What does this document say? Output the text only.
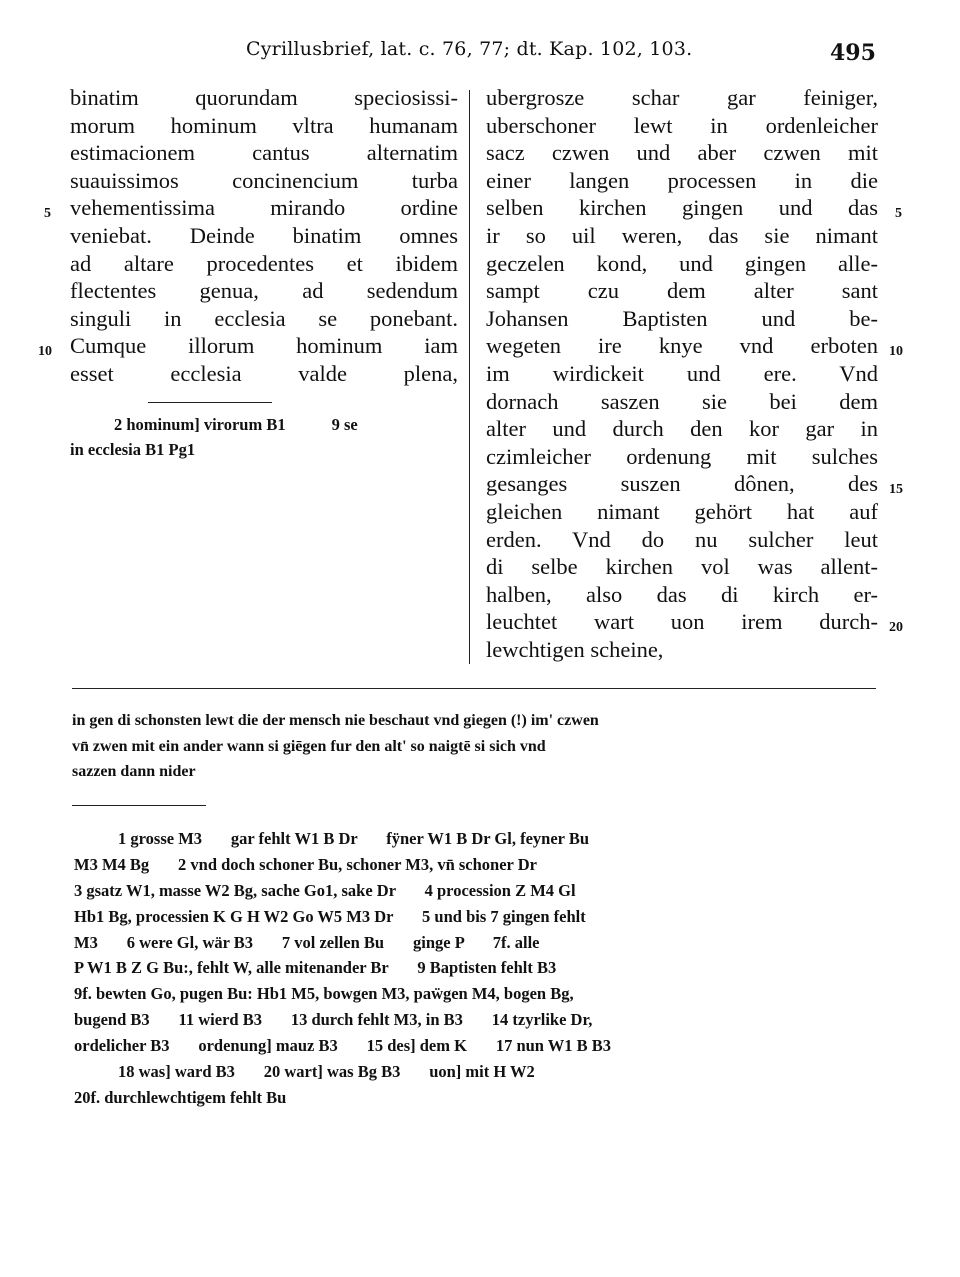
Cyrillusbrief, lat. c. 76, 77; dt. Kap. 102, 103.	495
binatim quorundam speciosissi-
morum hominum vltra humanam
estimacionem cantus alternatim
suauissimos concinencium turba
vehementissima mirando ordine
veniebat. Deinde binatim omnes
ad altare procedentes et ibidem
flectentes genua, ad sedendum
singuli in ecclesia se ponebant.
Cumque illorum hominum iam
esset ecclesia valde plena,
5
10
2 hominum] virorum B1	9 se
in ecclesia B1 Pg1
ubergrosze schar gar feiniger,
uberschoner lewt in ordenleicher
sacz czwen und aber czwen mit
einer langen processen in die
selben kirchen gingen und das
ir so uil weren, das sie nimant
geczelen kond, und gingen alle-
sampt czu dem alter sant
Johansen Baptisten und be-
wegeten ire knye vnd erboten
im wirdickeit und ere. Vnd
dornach saszen sie bei dem
alter und durch den kor gar in
czimleicher ordenung mit sulches
gesanges suszen dônen, des
gleichen nimant gehört hat auf
erden. Vnd do nu sulcher leut
di selbe kirchen vol was allent-
halben, also das di kirch er-
leuchtet wart uon irem durch-
lewchtigen scheine,
5
10
15
20
in gen di schonsten lewt die der mensch nie beschaut vnd giegen (!) im' czwen
vn̄ zwen mit ein ander wann si giēgen fur den alt' so naigtē si sich vnd
sazzen dann nider
1 grosse M3       gar fehlt W1 B Dr       fÿner W1 B Dr Gl, feyner Bu
M3 M4 Bg       2 vnd doch schoner Bu, schoner M3, vn̄ schoner Dr
3 gsatz W1, masse W2 Bg, sache Go1, sake Dr       4 procession Z M4 Gl
Hb1 Bg, processien K G H W2 Go W5 M3 Dr       5 und bis 7 gingen fehlt
M3       6 were Gl, wär B3       7 vol zellen Bu       ginge P       7f. alle
P W1 B Z G Bu:, fehlt W, alle mitenander Br       9 Baptisten fehlt B3
9f. bewten Go, pugen Bu: Hb1 M5, bowgen M3, paẅgen M4, bogen Bg,
bugend B3       11 wierd B3       13 durch fehlt M3, in B3       14 tzyrlike Dr,
ordelicher B3       ordenung] mauz B3       15 des] dem K       17 nun W1 B B3
18 was] ward B3       20 wart] was Bg B3       uon] mit H W2
20f. durchlewchtigem fehlt Bu
